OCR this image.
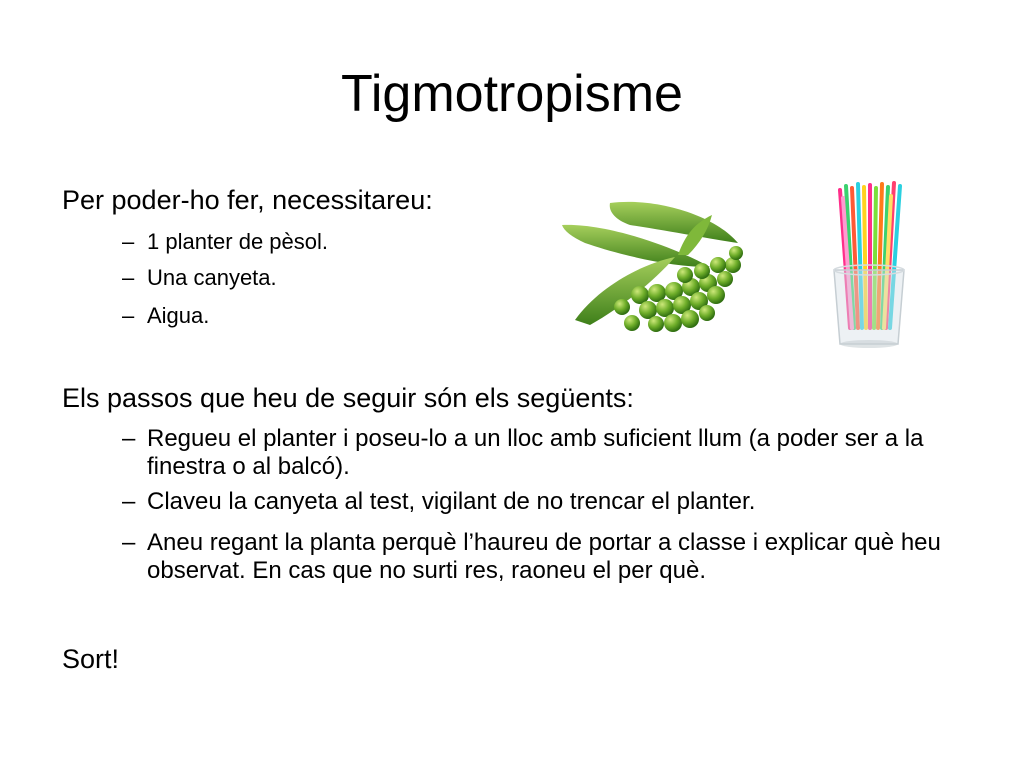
Tigmotropisme

Per poder-ho fer, necessitareu:

– 1 planter de pèsol.

– Una canyeta.

– Aigua.

Els passos que heu de seguir són els següents:

– Regueu el planter i poseu-lo a un lloc amb suficient llum (a poder ser a la finestra o al balcó).

– Claveu la canyeta al test, vigilant de no trencar el planter.

– Aneu regant la planta perquè l’haureu de portar a classe i explicar què heu observat. En cas que no surti res, raoneu el per què.

Sort!
